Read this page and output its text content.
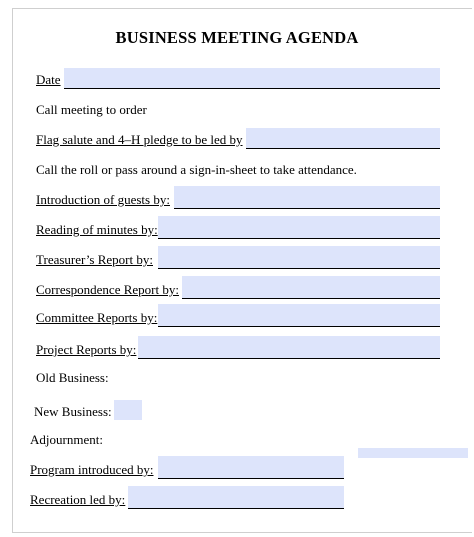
BUSINESS MEETING AGENDA
Date
Call meeting to order
Flag salute and 4–H pledge to be led by
Call the roll or pass around a sign-in-sheet to take attendance.
Introduction of guests by:
Reading of minutes by:
Treasurer’s Report by:
Correspondence Report by:
Committee Reports by:
Project Reports by:
Old Business:
New Business:
Adjournment:
Program introduced by:
Recreation led by:
